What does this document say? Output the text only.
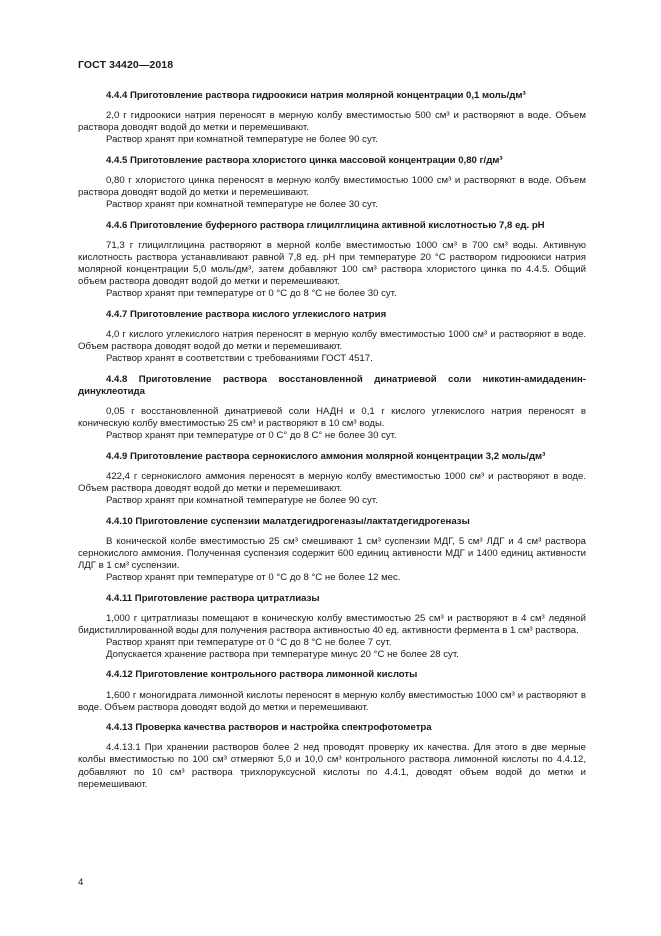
ГОСТ 34420—2018
4.4.4 Приготовление раствора гидроокиси натрия молярной концентрации 0,1 моль/дм³
2,0 г гидроокиси натрия переносят в мерную колбу вместимостью 500 см³ и растворяют в воде. Объем раствора доводят водой до метки и перемешивают.
Раствор хранят при комнатной температуре не более 90 сут.
4.4.5 Приготовление раствора хлористого цинка массовой концентрации 0,80 г/дм³
0,80 г хлористого цинка переносят в мерную колбу вместимостью 1000 см³ и растворяют в воде. Объем раствора доводят водой до метки и перемешивают.
Раствор хранят при комнатной температуре не более 30 сут.
4.4.6 Приготовление буферного раствора глицилглицина активной кислотностью 7,8 ед. рН
71,3 г глицилглицина растворяют в мерной колбе вместимостью 1000 см³ в 700 см³ воды. Активную кислотность раствора устанавливают равной 7,8 ед. рН при температуре 20 °С раствором гидроокиси натрия молярной концентрации 5,0 моль/дм³, затем добавляют 100 см³ раствора хлористого цинка по 4.4.5. Общий объем раствора доводят водой до метки и перемешивают.
Раствор хранят при температуре от 0 °С до 8 °С не более 30 сут.
4.4.7 Приготовление раствора кислого углекислого натрия
4,0 г кислого углекислого натрия переносят в мерную колбу вместимостью 1000 см³ и растворяют в воде. Объем раствора доводят водой до метки и перемешивают.
Раствор хранят в соответствии с требованиями ГОСТ 4517.
4.4.8 Приготовление раствора восстановленной динатриевой соли никотин-амидаденин-динуклеотида
0,05 г восстановленной динатриевой соли НАДН и 0,1 г кислого углекислого натрия переносят в коническую колбу вместимостью 25 см³ и растворяют в 10 см³ воды.
Раствор хранят при температуре от 0 С° до 8 С° не более 30 сут.
4.4.9 Приготовление раствора сернокислого аммония молярной концентрации 3,2 моль/дм³
422,4 г сернокислого аммония переносят в мерную колбу вместимостью 1000 см³ и растворяют в воде. Объем раствора доводят водой до метки и перемешивают.
Раствор хранят при комнатной температуре не более 90 сут.
4.4.10 Приготовление суспензии малатдегидрогеназы/лактатдегидрогеназы
В конической колбе вместимостью 25 см³ смешивают 1 см³ суспензии МДГ, 5 см³ ЛДГ и 4 см³ раствора сернокислого аммония. Полученная суспензия содержит 600 единиц активности МДГ и 1400 единиц активности ЛДГ в 1 см³ суспензии.
Раствор хранят при температуре от 0 °С до 8 °С не более 12 мес.
4.4.11 Приготовление раствора цитратлиазы
1,000 г цитратлиазы помещают в коническую колбу вместимостью 25 см³ и растворяют в 4 см³ ледяной бидистиллированной воды для получения раствора активностью 40 ед. активности фермента в 1 см³ раствора.
Раствор хранят при температуре от 0 °С до 8 °С не более 7 сут.
Допускается хранение раствора при температуре минус 20 °С не более 28 сут.
4.4.12 Приготовление контрольного раствора лимонной кислоты
1,600 г моногидрата лимонной кислоты переносят в мерную колбу вместимостью 1000 см³ и растворяют в воде. Объем раствора доводят водой до метки и перемешивают.
4.4.13 Проверка качества растворов и настройка спектрофотометра
4.4.13.1 При хранении растворов более 2 нед проводят проверку их качества. Для этого в две мерные колбы вместимостью по 100 см³ отмеряют 5,0 и 10,0 см³ контрольного раствора лимонной кислоты по 4.4.12, добавляют по 10 см³ раствора трихлоруксусной кислоты по 4.4.1, доводят объем водой до метки и перемешивают.
4
